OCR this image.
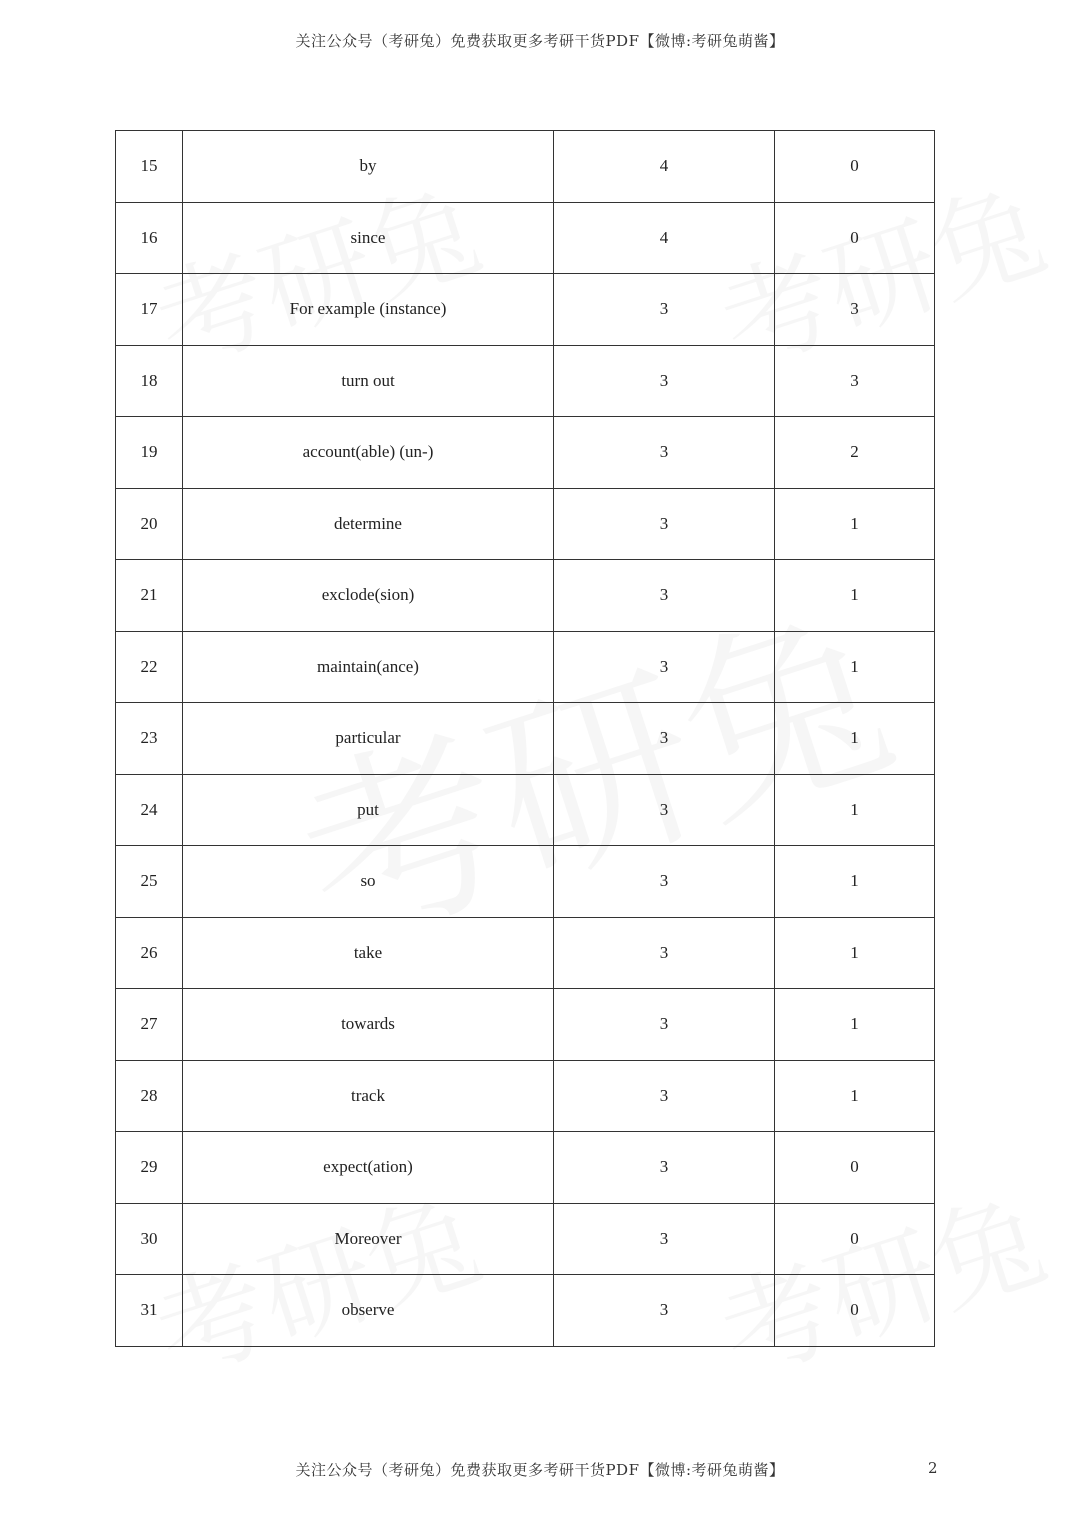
关注公众号（考研兔）免费获取更多考研干货PDF【微博:考研兔萌酱】
15	by	4	0
16	since	4	0
17	For example (instance)	3	3
18	turn out	3	3
19	account(able) (un-)	3	2
20	determine	3	1
21	exclode(sion)	3	1
22	maintain(ance)	3	1
23	particular	3	1
24	put	3	1
25	so	3	1
26	take	3	1
27	towards	3	1
28	track	3	1
29	expect(ation)	3	0
30	Moreover	3	0
31	observe	3	0
关注公众号（考研兔）免费获取更多考研干货PDF【微博:考研兔萌酱】	2
